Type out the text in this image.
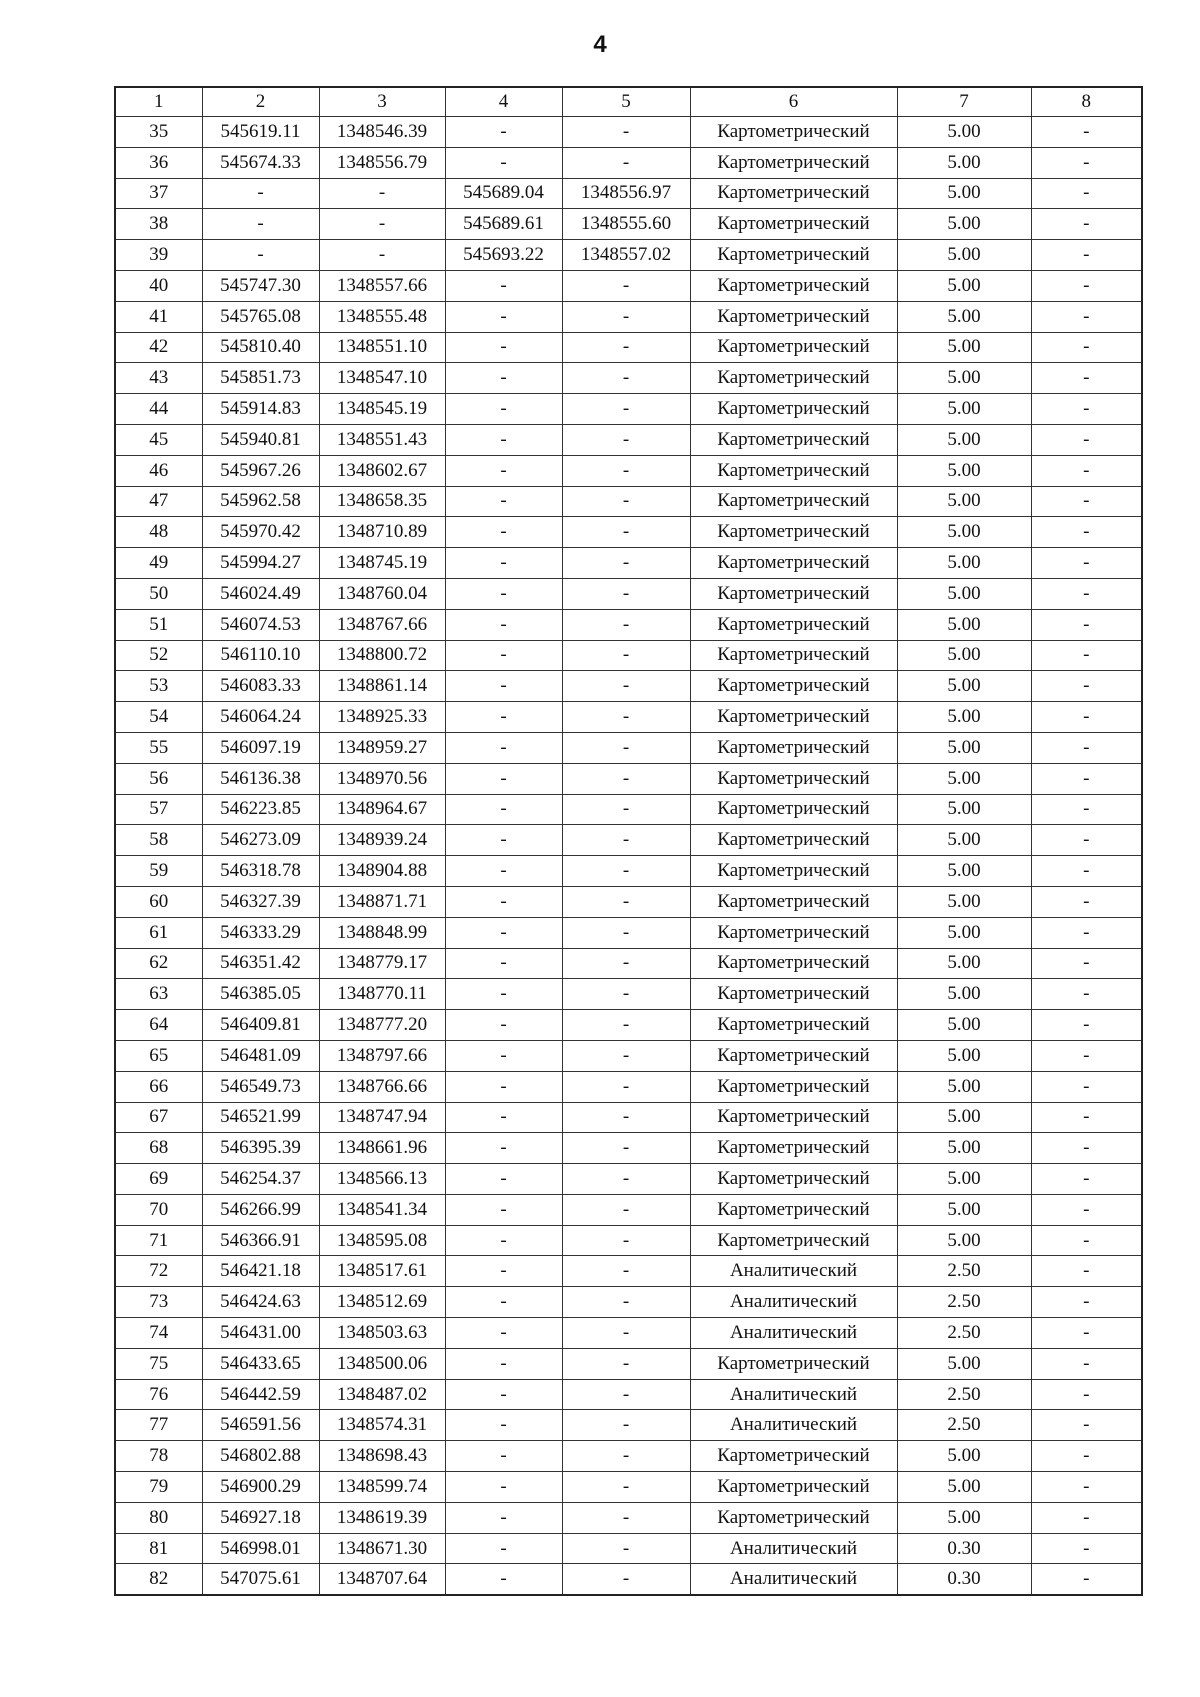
4
1	2	3	4	5	6	7	8
35	545619.11	1348546.39	-	-	Картометрический	5.00	-
36	545674.33	1348556.79	-	-	Картометрический	5.00	-
37	-	-	545689.04	1348556.97	Картометрический	5.00	-
38	-	-	545689.61	1348555.60	Картометрический	5.00	-
39	-	-	545693.22	1348557.02	Картометрический	5.00	-
40	545747.30	1348557.66	-	-	Картометрический	5.00	-
41	545765.08	1348555.48	-	-	Картометрический	5.00	-
42	545810.40	1348551.10	-	-	Картометрический	5.00	-
43	545851.73	1348547.10	-	-	Картометрический	5.00	-
44	545914.83	1348545.19	-	-	Картометрический	5.00	-
45	545940.81	1348551.43	-	-	Картометрический	5.00	-
46	545967.26	1348602.67	-	-	Картометрический	5.00	-
47	545962.58	1348658.35	-	-	Картометрический	5.00	-
48	545970.42	1348710.89	-	-	Картометрический	5.00	-
49	545994.27	1348745.19	-	-	Картометрический	5.00	-
50	546024.49	1348760.04	-	-	Картометрический	5.00	-
51	546074.53	1348767.66	-	-	Картометрический	5.00	-
52	546110.10	1348800.72	-	-	Картометрический	5.00	-
53	546083.33	1348861.14	-	-	Картометрический	5.00	-
54	546064.24	1348925.33	-	-	Картометрический	5.00	-
55	546097.19	1348959.27	-	-	Картометрический	5.00	-
56	546136.38	1348970.56	-	-	Картометрический	5.00	-
57	546223.85	1348964.67	-	-	Картометрический	5.00	-
58	546273.09	1348939.24	-	-	Картометрический	5.00	-
59	546318.78	1348904.88	-	-	Картометрический	5.00	-
60	546327.39	1348871.71	-	-	Картометрический	5.00	-
61	546333.29	1348848.99	-	-	Картометрический	5.00	-
62	546351.42	1348779.17	-	-	Картометрический	5.00	-
63	546385.05	1348770.11	-	-	Картометрический	5.00	-
64	546409.81	1348777.20	-	-	Картометрический	5.00	-
65	546481.09	1348797.66	-	-	Картометрический	5.00	-
66	546549.73	1348766.66	-	-	Картометрический	5.00	-
67	546521.99	1348747.94	-	-	Картометрический	5.00	-
68	546395.39	1348661.96	-	-	Картометрический	5.00	-
69	546254.37	1348566.13	-	-	Картометрический	5.00	-
70	546266.99	1348541.34	-	-	Картометрический	5.00	-
71	546366.91	1348595.08	-	-	Картометрический	5.00	-
72	546421.18	1348517.61	-	-	Аналитический	2.50	-
73	546424.63	1348512.69	-	-	Аналитический	2.50	-
74	546431.00	1348503.63	-	-	Аналитический	2.50	-
75	546433.65	1348500.06	-	-	Картометрический	5.00	-
76	546442.59	1348487.02	-	-	Аналитический	2.50	-
77	546591.56	1348574.31	-	-	Аналитический	2.50	-
78	546802.88	1348698.43	-	-	Картометрический	5.00	-
79	546900.29	1348599.74	-	-	Картометрический	5.00	-
80	546927.18	1348619.39	-	-	Картометрический	5.00	-
81	546998.01	1348671.30	-	-	Аналитический	0.30	-
82	547075.61	1348707.64	-	-	Аналитический	0.30	-
